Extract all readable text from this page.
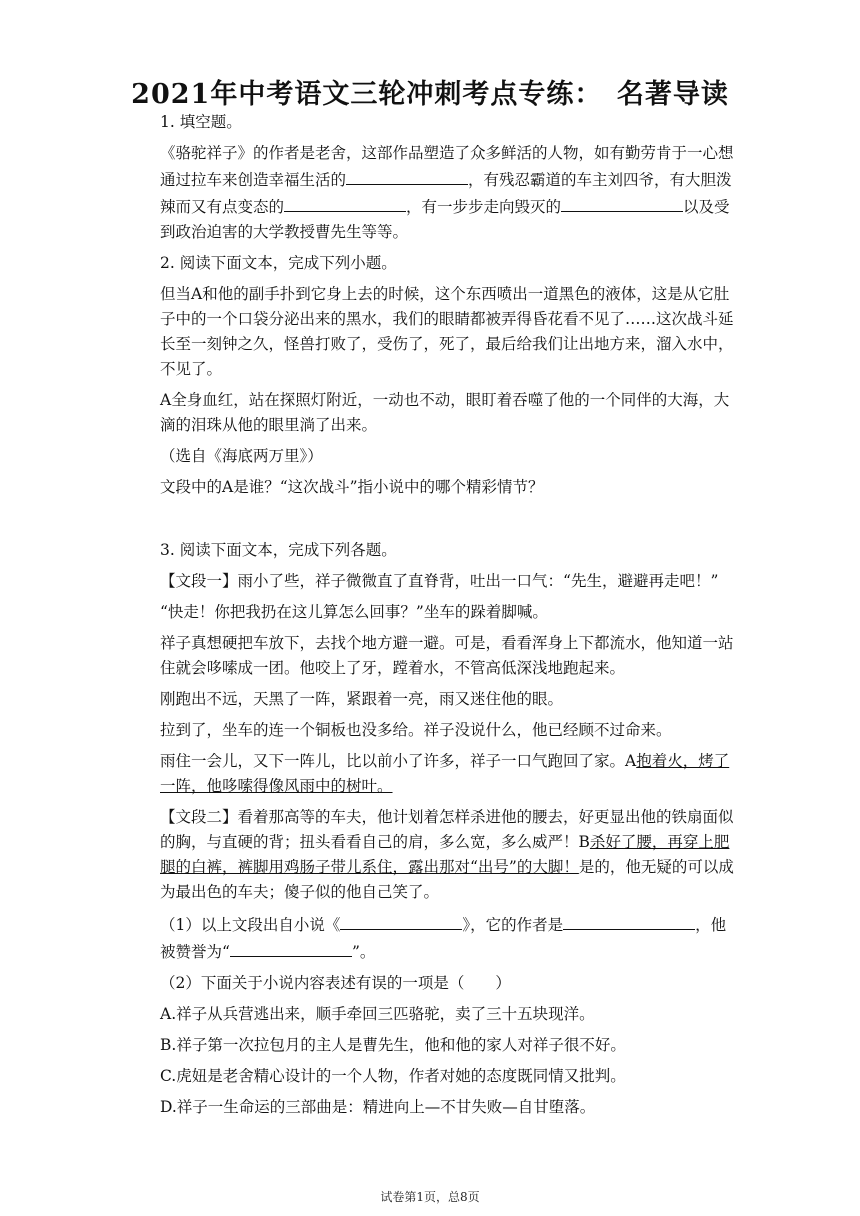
2021年中考语文三轮冲刺考点专练：　名著导读

1. 填空题。

《骆驼祥子》的作者是老舍，这部作品塑造了众多鲜活的人物，如有勤劳肯于一心想通过拉车来创造幸福生活的	，有残忍霸道的车主刘四爷，有大胆泼辣而又有点变态的	，有一步步走向毁灭的	以及受到政治迫害的大学教授曹先生等等。

2. 阅读下面文本，完成下列小题。

但当A和他的副手扑到它身上去的时候，这个东西喷出一道黑色的液体，这是从它肚子中的一个口袋分泌出来的黑水，我们的眼睛都被弄得昏花看不见了……这次战斗延长至一刻钟之久，怪兽打败了，受伤了，死了，最后给我们让出地方来，溜入水中，不见了。

A全身血红，站在探照灯附近，一动也不动，眼盯着吞噬了他的一个同伴的大海，大滴的泪珠从他的眼里淌了出来。

（选自《海底两万里》）

文段中的A是谁？“这次战斗”指小说中的哪个精彩情节？

3. 阅读下面文本，完成下列各题。

【文段一】雨小了些，祥子微微直了直脊背，吐出一口气：“先生，避避再走吧！”

“快走！你把我扔在这儿算怎么回事？”坐车的跺着脚喊。

祥子真想硬把车放下，去找个地方避一避。可是，看看浑身上下都流水，他知道一站住就会哆嗦成一团。他咬上了牙，蹚着水，不管高低深浅地跑起来。

刚跑出不远，天黑了一阵，紧跟着一亮，雨又迷住他的眼。

拉到了，坐车的连一个铜板也没多给。祥子没说什么，他已经顾不过命来。

雨住一会儿，又下一阵儿，比以前小了许多，祥子一口气跑回了家。A抱着火，烤了一阵，他哆嗦得像风雨中的树叶。

【文段二】看着那高等的车夫，他计划着怎样杀进他的腰去，好更显出他的铁扇面似的胸，与直硬的背；扭头看看自己的肩，多么宽，多么威严！B杀好了腰，再穿上肥腿的白裤，裤脚用鸡肠子带儿系住，露出那对“出号”的大脚！是的，他无疑的可以成为最出色的车夫；傻子似的他自己笑了。

（1）以上文段出自小说《	》，它的作者是	，他被赞誉为“	”。

（2）下面关于小说内容表述有误的一项是（　　）

A.祥子从兵营逃出来，顺手牵回三匹骆驼，卖了三十五块现洋。

B.祥子第一次拉包月的主人是曹先生，他和他的家人对祥子很不好。

C.虎妞是老舍精心设计的一个人物，作者对她的态度既同情又批判。

D.祥子一生命运的三部曲是：精进向上—不甘失败—自甘堕落。

试卷第1页，总8页
